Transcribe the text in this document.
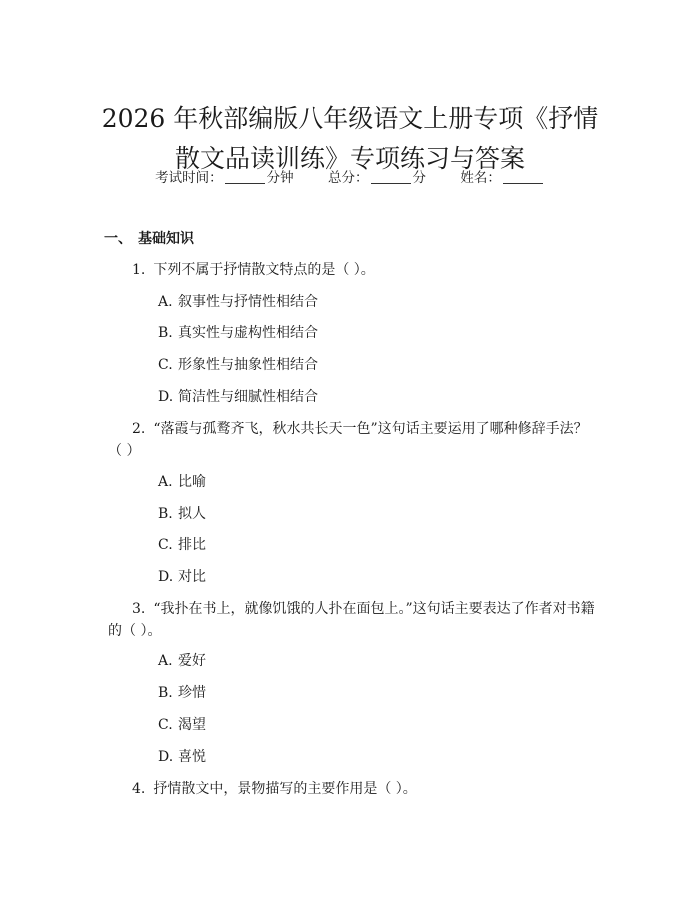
2026 年秋部编版八年级语文上册专项《抒情
散文品读训练》专项练习与答案
考试时间：	分钟	总分：	分	姓名：
一、 基础知识
1. 下列不属于抒情散文特点的是（ ）。
A. 叙事性与抒情性相结合
B. 真实性与虚构性相结合
C. 形象性与抽象性相结合
D. 简洁性与细腻性相结合
2. “落霞与孤鹜齐飞，秋水共长天一色”这句话主要运用了哪种修辞手法？（ ）
A. 比喻
B. 拟人
C. 排比
D. 对比
3. “我扑在书上，就像饥饿的人扑在面包上。”这句话主要表达了作者对书籍的（ ）。
A. 爱好
B. 珍惜
C. 渴望
D. 喜悦
4. 抒情散文中，景物描写的主要作用是（ ）。
